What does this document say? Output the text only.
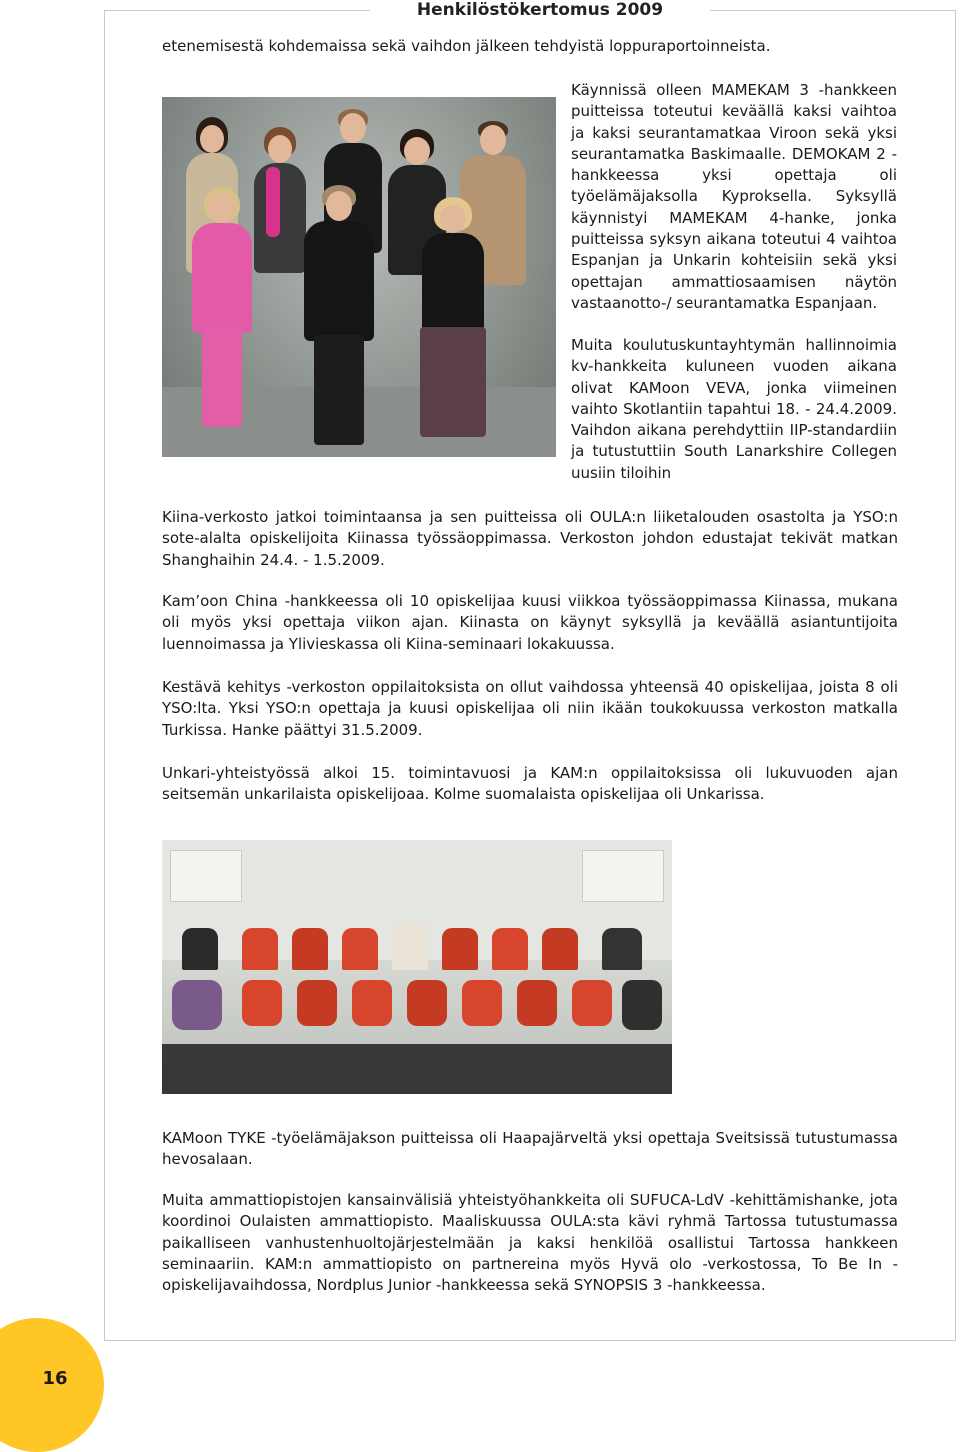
Henkilöstökertomus 2009

etenemisestä kohdemaissa sekä vaihdon jälkeen tehdyistä loppuraportoinneista.

Käynnissä olleen MAMEKAM 3 -hankkeen puitteissa toteutui keväällä kaksi vaihtoa ja kaksi seurantamatkaa Viroon sekä yksi seurantamatka Baskimaalle. DEMOKAM 2 -hankkeessa yksi opettaja oli työelämäjaksolla Kyproksella. Syksyllä käynnistyi MAMEKAM 4-hanke, jonka puitteissa syksyn aikana toteutui 4 vaihtoa Espanjan ja Unkarin kohteisiin sekä yksi opettajan ammattiosaamisen näytön vastaanotto-/ seurantamatka Espanjaan.

Muita koulutuskuntayhtymän hallinnoimia kv-hankkeita kuluneen vuoden aikana olivat KAMoon VEVA, jonka viimeinen vaihto Skotlantiin tapahtui 18. - 24.4.2009. Vaihdon aikana perehdyttiin IIP-standardiin ja tutustuttiin South Lanarkshire Collegen uusiin tiloihin

Kiina-verkosto jatkoi toimintaansa ja sen puitteissa oli OULA:n liiketalouden osastolta ja YSO:n sote-alalta opiskelijoita Kiinassa työssäoppimassa. Verkoston johdon edustajat tekivät matkan Shanghaihin 24.4. - 1.5.2009.

Kam’oon China -hankkeessa oli 10 opiskelijaa kuusi viikkoa työssäoppimassa Kiinassa, mukana oli myös yksi opettaja viikon ajan. Kiinasta on käynyt syksyllä ja keväällä asiantuntijoita luennoimassa ja Ylivieskassa oli Kiina-seminaari lokakuussa.

Kestävä kehitys -verkoston oppilaitoksista on ollut vaihdossa yhteensä 40 opiskelijaa, joista 8 oli YSO:lta. Yksi YSO:n opettaja ja kuusi opiskelijaa oli niin ikään toukokuussa verkoston matkalla Turkissa. Hanke päättyi 31.5.2009.

Unkari-yhteistyössä alkoi 15. toimintavuosi ja KAM:n oppilaitoksissa oli lukuvuoden ajan seitsemän unkarilaista opiskelijoaa. Kolme suomalaista opiskelijaa oli Unkarissa.

KAMoon TYKE -työelämäjakson puitteissa oli Haapajärveltä yksi opettaja Sveitsissä tutustumassa hevosalaan.

Muita ammattiopistojen kansainvälisiä yhteistyöhankkeita oli SUFUCA-LdV -kehittämishanke, jota koordinoi Oulaisten ammattiopisto. Maaliskuussa OULA:sta kävi ryhmä Tartossa tutustumassa paikalliseen vanhustenhuoltojärjestelmään ja kaksi henkilöä osallistui Tartossa hankkeen seminaariin. KAM:n ammattiopisto on partnereina myös Hyvä olo -verkostossa, To Be In -opiskelijavaihdossa, Nordplus Junior -hankkeessa sekä SYNOPSIS 3 -hankkeessa.

16
